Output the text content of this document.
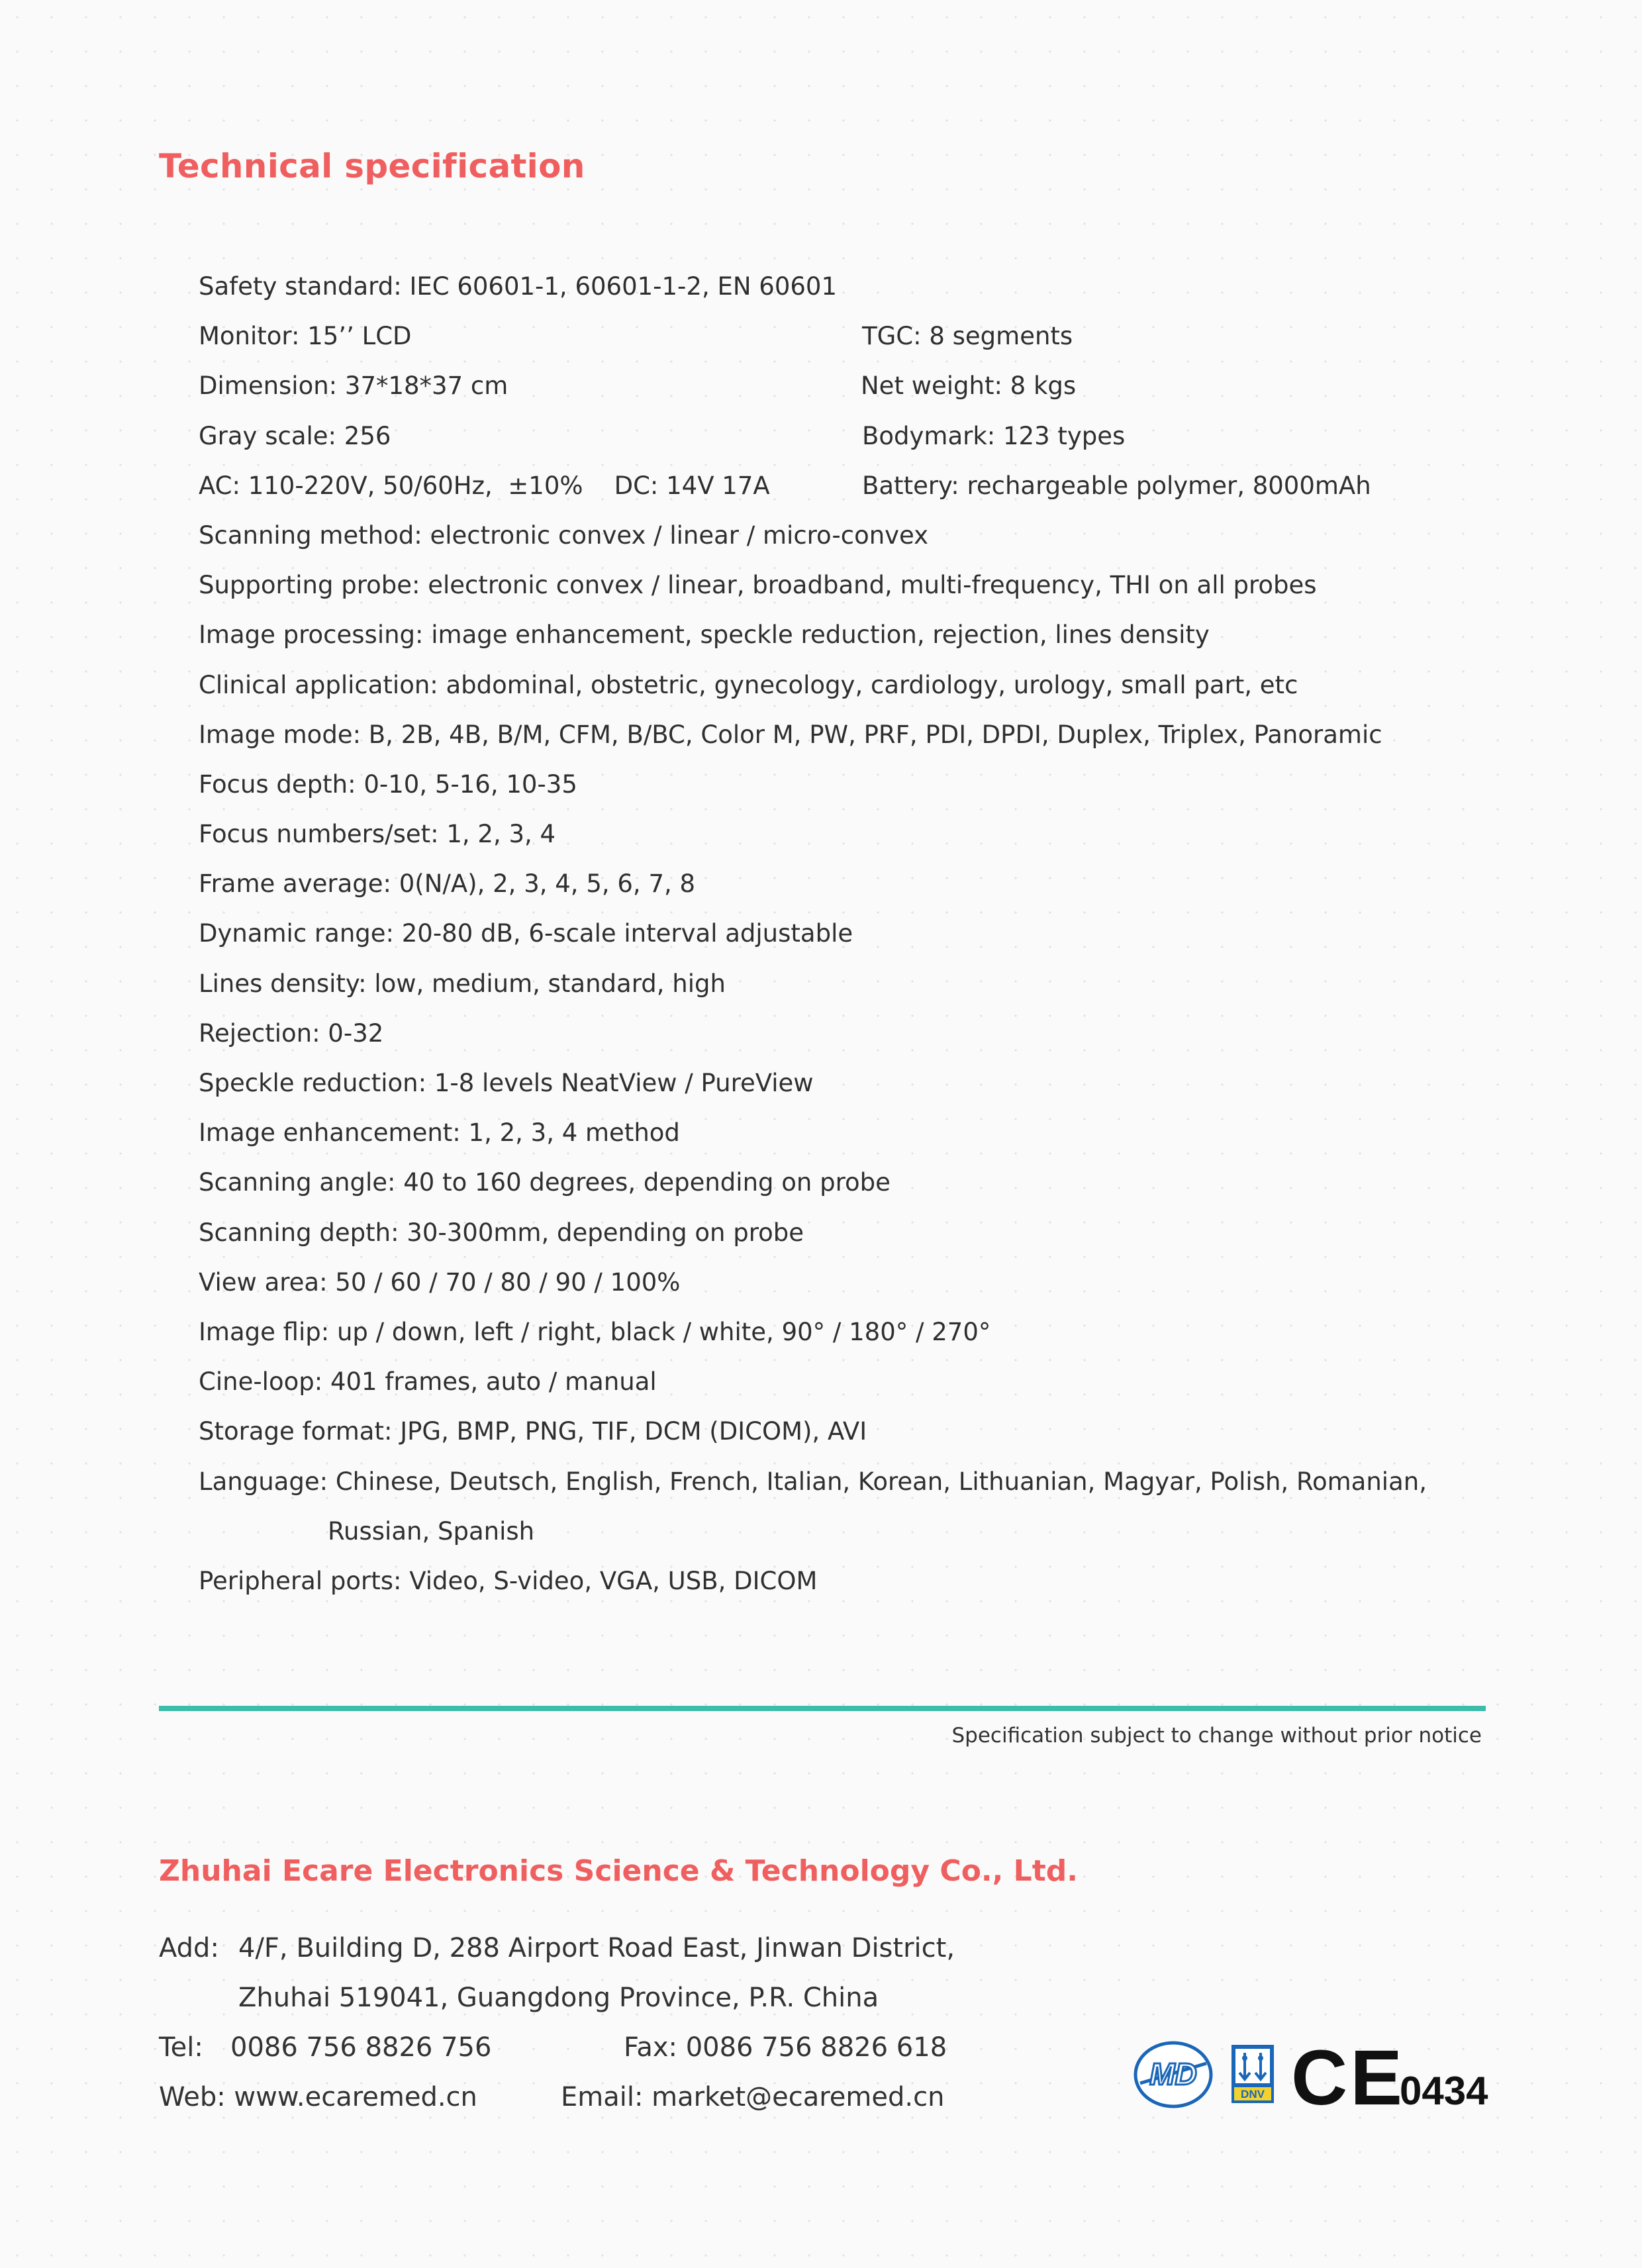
Technical specification
Safety standard: IEC 60601-1, 60601-1-2, EN 60601
Monitor: 15’’ LCD	TGC: 8 segments
Dimension: 37*18*37 cm	Net weight: 8 kgs
Gray scale: 256	Bodymark: 123 types
AC: 110-220V, 50/60Hz,  ±10%    DC: 14V 17A	Battery: rechargeable polymer, 8000mAh
Scanning method: electronic convex / linear / micro-convex
Supporting probe: electronic convex / linear, broadband, multi-frequency, THI on all probes
Image processing: image enhancement, speckle reduction, rejection, lines density
Clinical application: abdominal, obstetric, gynecology, cardiology, urology, small part, etc
Image mode: B, 2B, 4B, B/M, CFM, B/BC, Color M, PW, PRF, PDI, DPDI, Duplex, Triplex, Panoramic
Focus depth: 0-10, 5-16, 10-35
Focus numbers/set: 1, 2, 3, 4
Frame average: 0(N/A), 2, 3, 4, 5, 6, 7, 8
Dynamic range: 20-80 dB, 6-scale interval adjustable
Lines density: low, medium, standard, high
Rejection: 0-32
Speckle reduction: 1-8 levels NeatView / PureView
Image enhancement: 1, 2, 3, 4 method
Scanning angle: 40 to 160 degrees, depending on probe
Scanning depth: 30-300mm, depending on probe
View area: 50 / 60 / 70 / 80 / 90 / 100%
Image flip: up / down, left / right, black / white, 90° / 180° / 270°
Cine-loop: 401 frames, auto / manual
Storage format: JPG, BMP, PNG, TIF, DCM (DICOM), AVI
Language: Chinese, Deutsch, English, French, Italian, Korean, Lithuanian, Magyar, Polish, Romanian,
Russian, Spanish
Peripheral ports: Video, S-video, VGA, USB, DICOM
Specification subject to change without prior notice
Zhuhai Ecare Electronics Science & Technology Co., Ltd.
Add: 4/F, Building D, 288 Airport Road East, Jinwan District,
Zhuhai 519041, Guangdong Province, P.R. China
Tel: 0086 756 8826 756	Fax: 0086 756 8826 618
Web: www.ecaremed.cn	Email: market@ecaremed.cn
MD
DNV CE
0434
